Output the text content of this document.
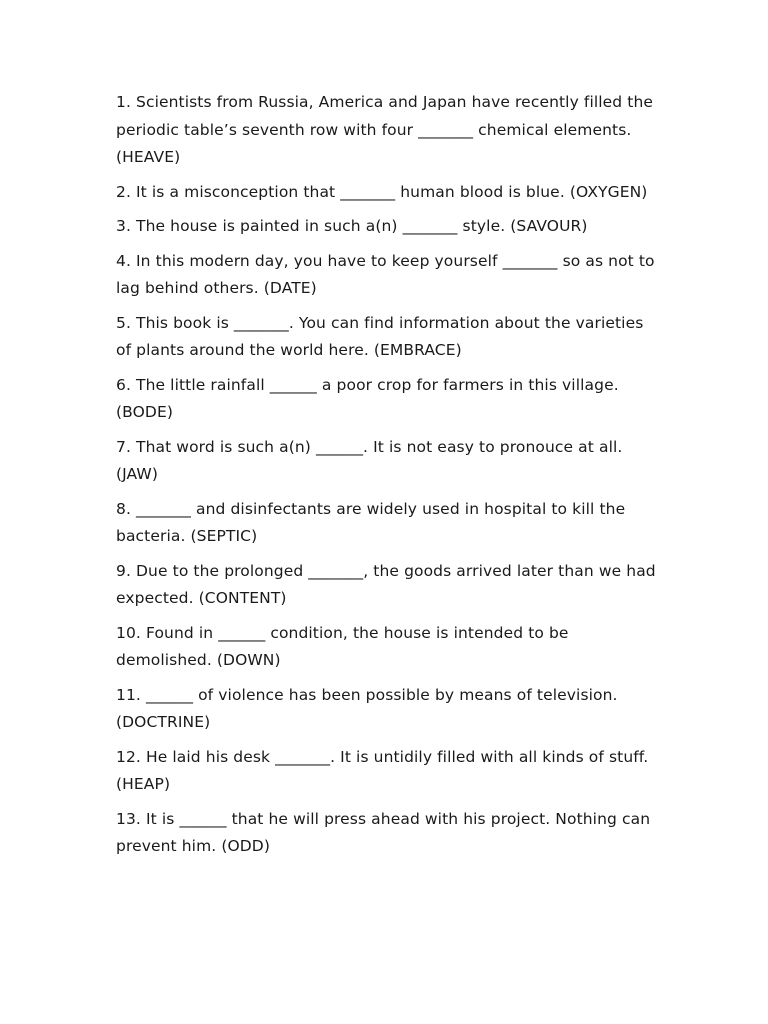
1. Scientists from Russia, America and Japan have recently filled the periodic table’s seventh row with four _______ chemical elements. (HEAVE)

2. It is a misconception that _______ human blood is blue. (OXYGEN)

3. The house is painted in such a(n) _______ style. (SAVOUR)

4. In this modern day, you have to keep yourself _______ so as not to lag behind others. (DATE)

5. This book is _______. You can find information about the varieties of plants around the world here. (EMBRACE)

6. The little rainfall ______ a poor crop for farmers in this village. (BODE)

7. That word is such a(n) ______. It is not easy to pronouce at all. (JAW)

8. _______ and disinfectants are widely used in hospital to kill the bacteria. (SEPTIC)

9. Due to the prolonged _______, the goods arrived later than we had expected. (CONTENT)

10. Found in ______ condition, the house is intended to be demolished. (DOWN)

11. ______ of violence has been possible by means of television. (DOCTRINE)

12. He laid his desk _______. It is untidily filled with all kinds of stuff. (HEAP)

13. It is ______ that he will press ahead with his project. Nothing can prevent him. (ODD)
